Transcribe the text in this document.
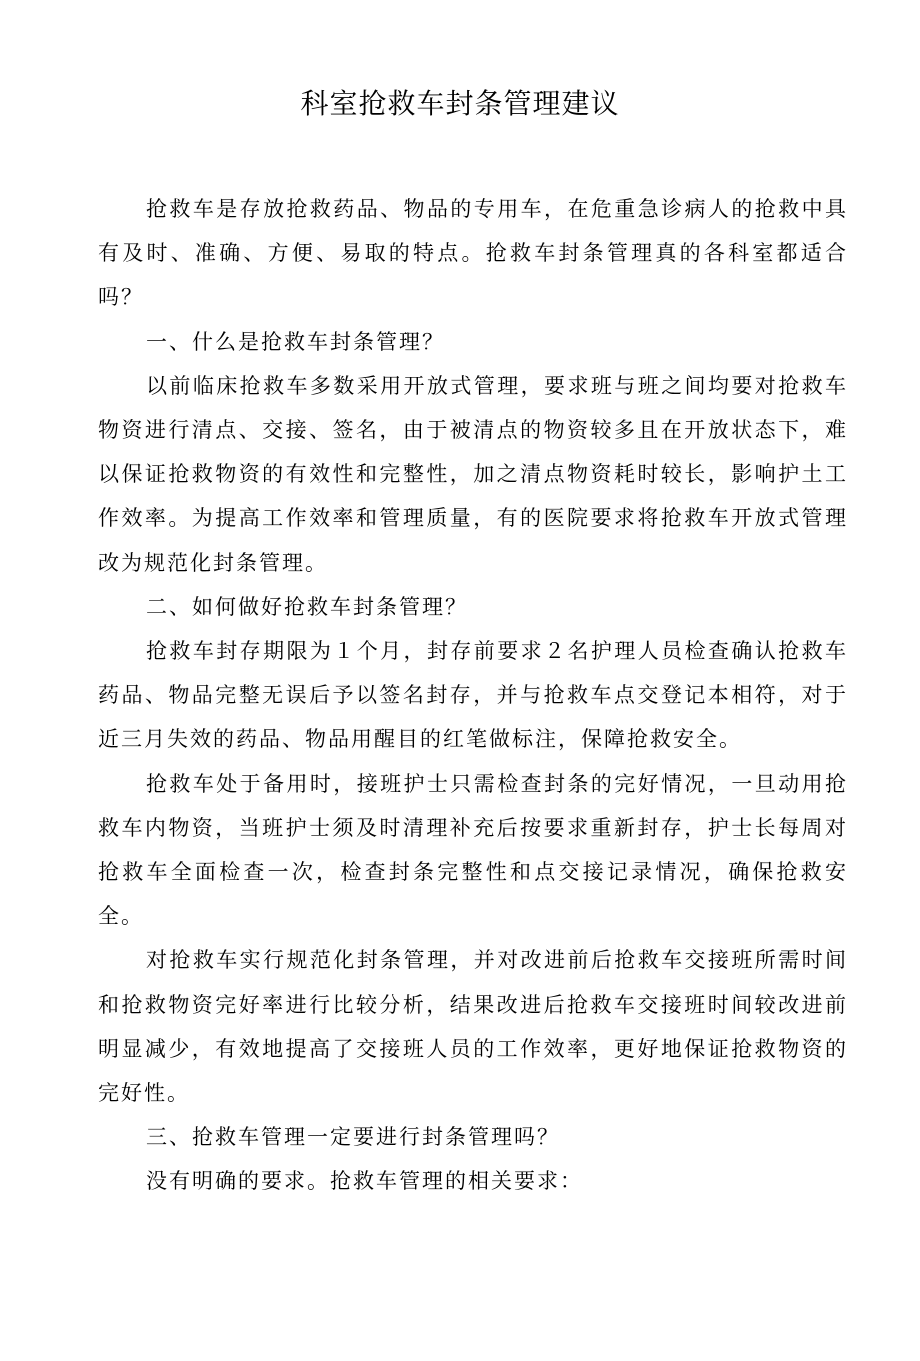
科室抢救车封条管理建议

抢救车是存放抢救药品、物品的专用车，在危重急诊病人的抢救中具有及时、准确、方便、易取的特点。抢救车封条管理真的各科室都适合吗？

一、什么是抢救车封条管理？

以前临床抢救车多数采用开放式管理，要求班与班之间均要对抢救车物资进行清点、交接、签名，由于被清点的物资较多且在开放状态下，难以保证抢救物资的有效性和完整性，加之清点物资耗时较长，影响护土工作效率。为提高工作效率和管理质量，有的医院要求将抢救车开放式管理改为规范化封条管理。

二、如何做好抢救车封条管理？

抢救车封存期限为１个月，封存前要求２名护理人员检查确认抢救车药品、物品完整无误后予以签名封存，并与抢救车点交登记本相符，对于近三月失效的药品、物品用醒目的红笔做标注，保障抢救安全。

抢救车处于备用时，接班护士只需检查封条的完好情况，一旦动用抢救车内物资，当班护士须及时清理补充后按要求重新封存，护士长每周对抢救车全面检查一次，检查封条完整性和点交接记录情况，确保抢救安全。

对抢救车实行规范化封条管理，并对改进前后抢救车交接班所需时间和抢救物资完好率进行比较分析，结果改进后抢救车交接班时间较改进前明显减少，有效地提高了交接班人员的工作效率，更好地保证抢救物资的完好性。

三、抢救车管理一定要进行封条管理吗？

没有明确的要求。抢救车管理的相关要求：
